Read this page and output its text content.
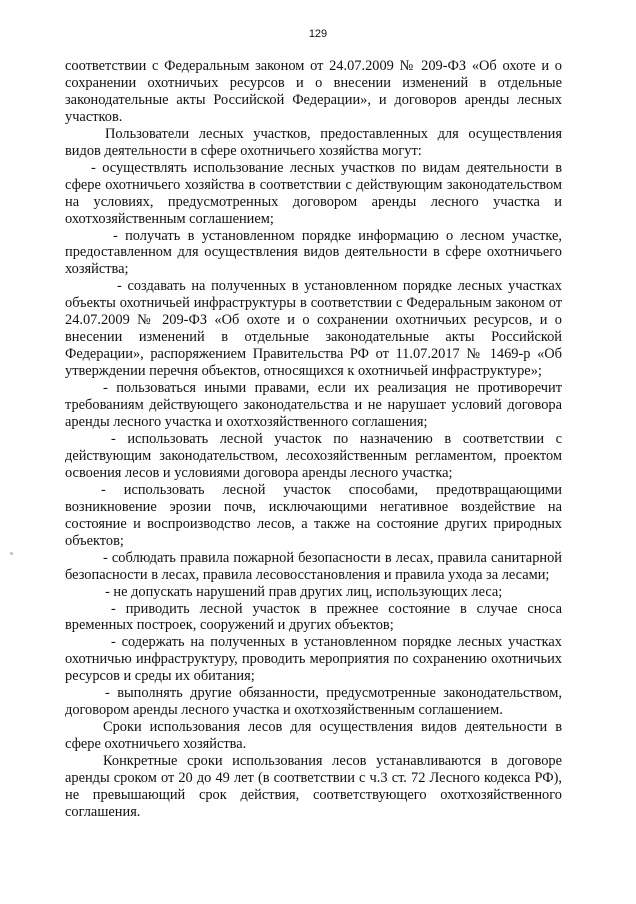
129

соответствии с Федеральным законом от 24.07.2009 № 209-ФЗ «Об охоте и о сохранении охотничьих ресурсов и о внесении изменений в отдельные законодательные акты Российской Федерации», и договоров аренды лесных участков.

Пользователи лесных участков, предоставленных для осуществления видов деятельности в сфере охотничьего хозяйства могут:

- осуществлять использование лесных участков по видам деятельности в сфере охотничьего хозяйства в соответствии с действующим законодательством на условиях, предусмотренных договором аренды лесного участка и охотхозяйственным соглашением;

- получать в установленном порядке информацию о лесном участке, предоставленном для осуществления видов деятельности в сфере охотничьего хозяйства;

- создавать на полученных в установленном порядке лесных участках объекты охотничьей инфраструктуры в соответствии с Федеральным законом от 24.07.2009 № 209-ФЗ «Об охоте и о сохранении охотничьих ресурсов, и о внесении изменений в отдельные законодательные акты Российской Федерации», распоряжением Правительства РФ от 11.07.2017 № 1469-р «Об утверждении перечня объектов, относящихся к охотничьей инфраструктуре»;

- пользоваться иными правами, если их реализация не противоречит требованиям действующего законодательства и не нарушает условий договора аренды лесного участка и охотхозяйственного соглашения;

- использовать лесной участок по назначению в соответствии с действующим законодательством, лесохозяйственным регламентом, проектом освоения лесов и условиями договора аренды лесного участка;

- использовать лесной участок способами, предотвращающими возникновение эрозии почв, исключающими негативное воздействие на состояние и воспроизводство лесов, а также на состояние других природных объектов;

- соблюдать правила пожарной безопасности в лесах, правила санитарной безопасности в лесах, правила лесовосстановления и правила ухода за лесами;

- не допускать нарушений прав других лиц, использующих леса;

- приводить лесной участок в прежнее состояние в случае сноса временных построек, сооружений и других объектов;

- содержать на полученных в установленном порядке лесных участках охотничью инфраструктуру, проводить мероприятия по сохранению охотничьих ресурсов и среды их обитания;

- выполнять другие обязанности, предусмотренные законодательством, договором аренды лесного участка и охотхозяйственным соглашением.

Сроки использования лесов для осуществления видов деятельности в сфере охотничьего хозяйства.

Конкретные сроки использования лесов устанавливаются в договоре аренды сроком от 20 до 49 лет (в соответствии с ч.3 ст. 72 Лесного кодекса РФ), не превышающий срок действия, соответствующего охотхозяйственного соглашения.
